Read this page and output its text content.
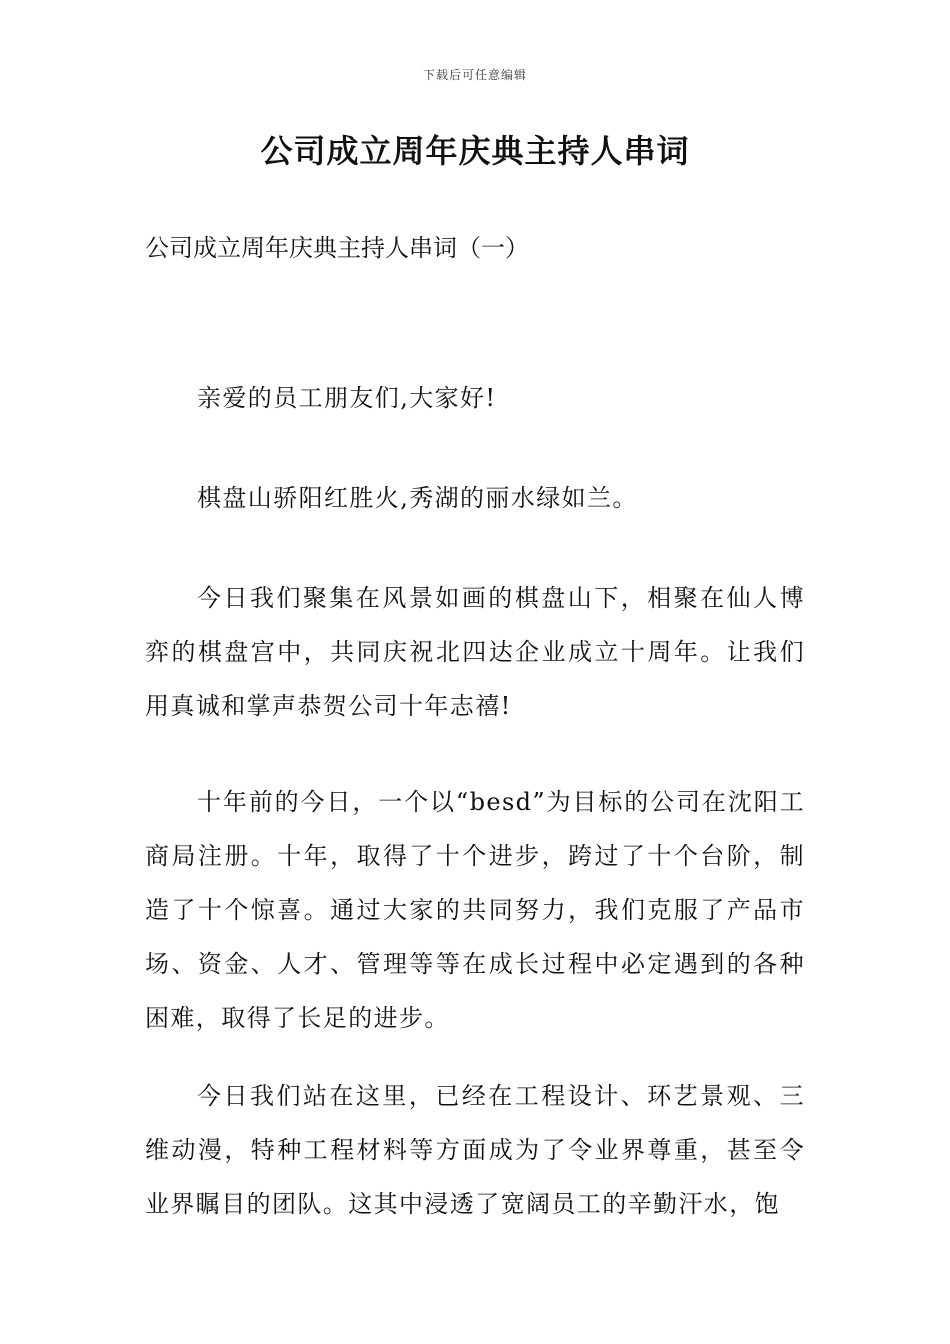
下载后可任意编辑
公司成立周年庆典主持人串词

公司成立周年庆典主持人串词（一）

亲爱的员工朋友们,大家好!

棋盘山骄阳红胜火,秀湖的丽水绿如兰。

今日我们聚集在风景如画的棋盘山下，相聚在仙人博弈的棋盘宫中，共同庆祝北四达企业成立十周年。让我们用真诚和掌声恭贺公司十年志禧!

十年前的今日，一个以“besd”为目标的公司在沈阳工商局注册。十年，取得了十个进步，跨过了十个台阶，制造了十个惊喜。通过大家的共同努力，我们克服了产品市场、资金、人才、管理等等在成长过程中必定遇到的各种困难，取得了长足的进步。

今日我们站在这里，已经在工程设计、环艺景观、三维动漫，特种工程材料等方面成为了令业界尊重，甚至令业界瞩目的团队。这其中浸透了宽阔员工的辛勤汗水，饱
